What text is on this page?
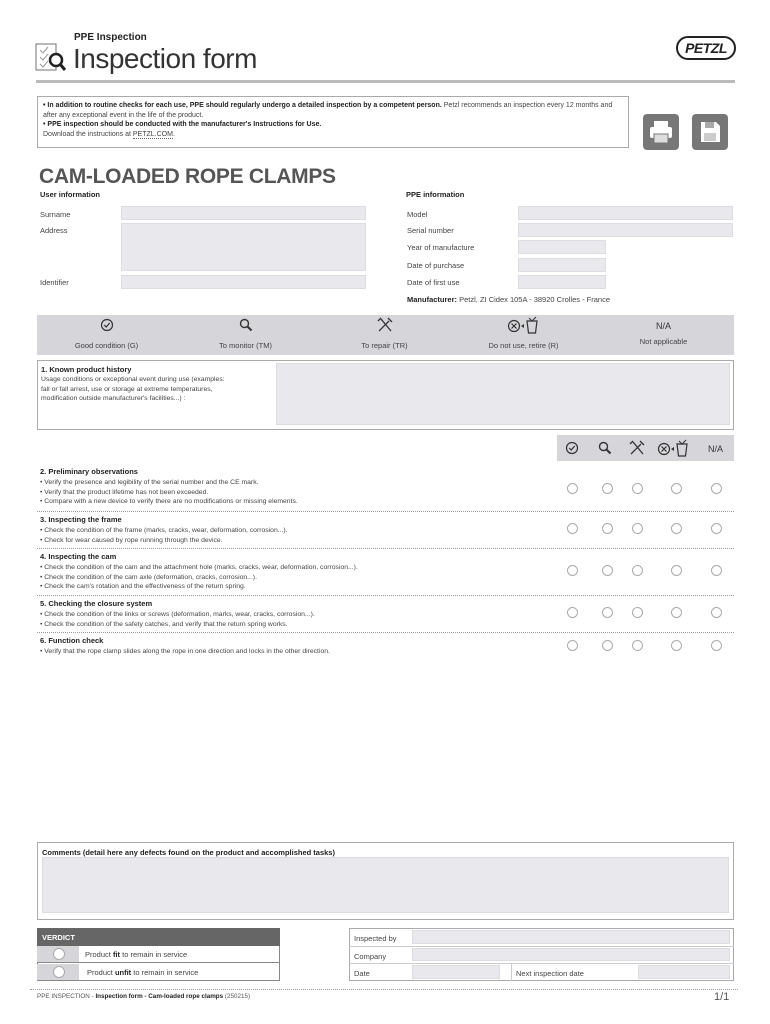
PPE Inspection
Inspection form	PETZL
• In addition to routine checks for each use, PPE should regularly undergo a detailed inspection by a competent person. Petzl recommends an inspection every 12 months and after any exceptional event in the life of the product.
• PPE inspection should be conducted with the manufacturer's Instructions for Use.
Download the instructions at PETZL.COM.
CAM-LOADED ROPE CLAMPS
User information
Surname
Address
Identifier
PPE information
Model
Serial number
Year of manufacture
Date of purchase
Date of first use
Manufacturer: Petzl, ZI Cidex 105A - 38920 Crolles - France
Good condition (G)	To monitor (TM)	To repair (TR)	Do not use, retire (R)
N/A
Not applicable
1. Known product history
Usage conditions or exceptional event during use (examples:
fall or fall arrest, use or storage at extreme temperatures,
modification outside manufacturer's facilities...) :
N/A
2. Preliminary observations
• Verify the presence and legibility of the serial number and the CE mark.
• Verify that the product lifetime has not been exceeded.
• Compare with a new device to verify there are no modifications or missing elements.
3. Inspecting the frame
• Check the condition of the frame (marks, cracks, wear, deformation, corrosion...).
• Check for wear caused by rope running through the device.
4. Inspecting the cam
• Check the condition of the cam and the attachment hole (marks, cracks, wear, deformation, corrosion...).
• Check the condition of the cam axle (deformation, cracks, corrosion...).
• Check the cam's rotation and the effectiveness of the return spring.
5. Checking the closure system
• Check the condition of the links or screws (deformation, marks, wear, cracks, corrosion...).
• Check the condition of the safety catches, and verify that the return spring works.
6. Function check
• Verify that the rope clamp slides along the rope in one direction and locks in the other direction.
Comments (detail here any defects found on the product and accomplished tasks)
VERDICT
Product fit to remain in service
Product unfit to remain in service
Inspected by
Company
Date	Next inspection date
PPE INSPECTION - Inspection form - Cam-loaded rope clamps (250215)	1/1
